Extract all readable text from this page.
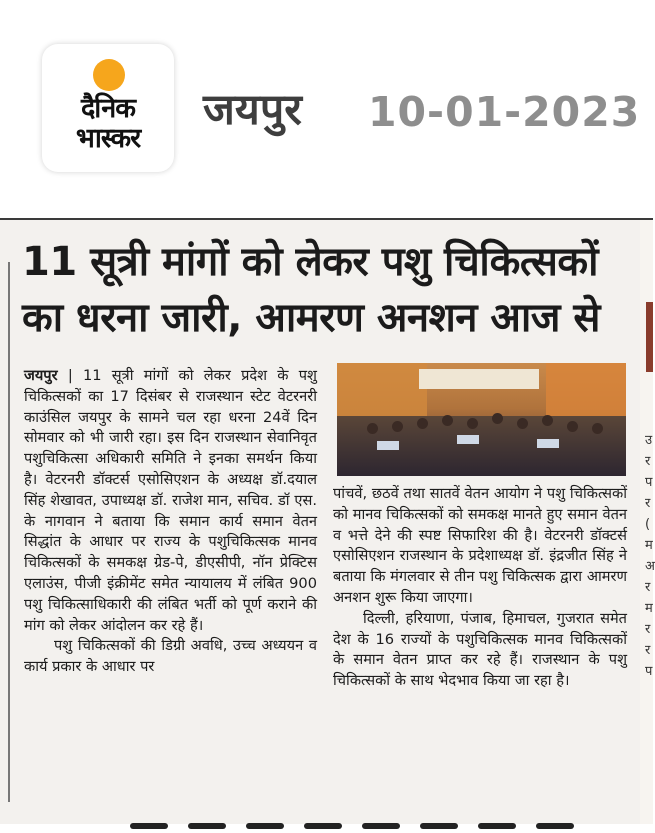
दैनिक
भास्कर
जयपुर 10-01-2023
11 सूत्री मांगों को लेकर पशु चिकित्सकों
का धरना जारी, आमरण अनशन आज से

जयपुर | 11 सूत्री मांगों को लेकर प्रदेश के पशु चिकित्सकों का 17 दिसंबर से राजस्थान स्टेट वेटरनरी काउंसिल जयपुर के सामने चल रहा धरना 24वें दिन सोमवार को भी जारी रहा। इस दिन राजस्थान सेवानिवृत पशुचिकित्सा अधिकारी समिति ने इनका समर्थन किया है। वेटरनरी डॉक्टर्स एसोसिएशन के अध्यक्ष डॉ.दयाल सिंह शेखावत, उपाध्यक्ष डॉ. राजेश मान, सचिव. डॉ एस. के नागवान ने बताया कि समान कार्य समान वेतन सिद्धांत के आधार पर राज्य के पशुचिकित्सक मानव चिकित्सकों के समकक्ष ग्रेड-पे, डीएसीपी, नॉन प्रेक्टिस एलाउंस, पीजी इंक्रीमेंट समेत न्यायालय में लंबित 900 पशु चिकित्साधिकारी की लंबित भर्ती को पूर्ण कराने की मांग को लेकर आंदोलन कर रहे हैं।

पशु चिकित्सकों की डिग्री अवधि, उच्च अध्ययन व कार्य प्रकार के आधार पर

पांचवें, छठवें तथा सातवें वेतन आयोग ने पशु चिकित्सकों को मानव चिकित्सकों को समकक्ष मानते हुए समान वेतन व भत्ते देने की स्पष्ट सिफारिश की है। वेटरनरी डॉक्टर्स एसोसिएशन राजस्थान के प्रदेशाध्यक्ष डॉ. इंद्रजीत सिंह ने बताया कि मंगलवार से तीन पशु चिकित्सक द्वारा आमरण अनशन शुरू किया जाएगा।

दिल्ली, हरियाणा, पंजाब, हिमाचल, गुजरात समेत देश के 16 राज्यों के पशुचिकित्सक मानव चिकित्सकों के समान वेतन प्राप्त कर रहे हैं। राजस्थान के पशु चिकित्सकों के साथ भेदभाव किया जा रहा है।

उ
र
प
र
(
म
अ
र
म
र
र
प
